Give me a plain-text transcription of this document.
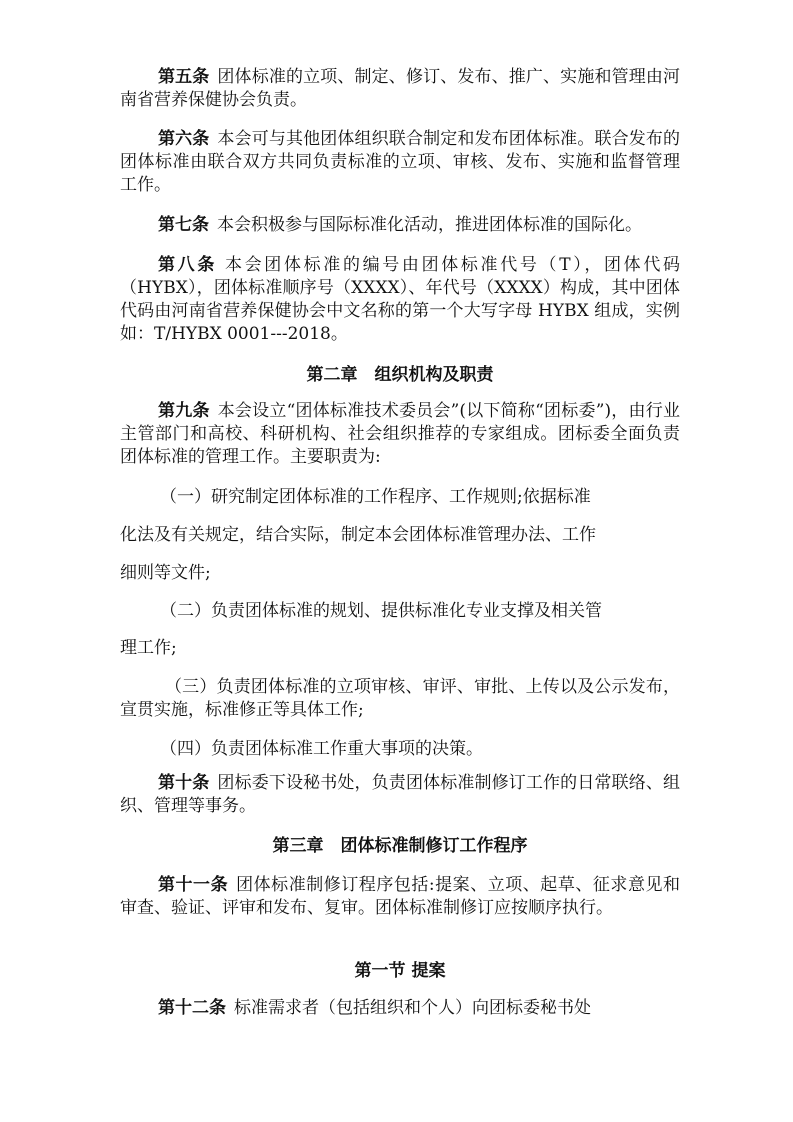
第五条 团体标准的立项、制定、修订、发布、推广、实施和管理由河南省营养保健协会负责。

第六条 本会可与其他团体组织联合制定和发布团体标准。联合发布的团体标准由联合双方共同负责标准的立项、审核、发布、实施和监督管理工作。

第七条 本会积极参与国际标准化活动，推进团体标准的国际化。

第八条 本会团体标准的编号由团体标准代号（T），团体代码（HYBX），团体标准顺序号（XXXX）、年代号（XXXX）构成，其中团体代码由河南省营养保健协会中文名称的第一个大写字母 HYBX 组成，实例如：T/HYBX 0001---2018。

第二章　组织机构及职责

第九条 本会设立“团体标准技术委员会”(以下简称“团标委”)，由行业主管部门和高校、科研机构、社会组织推荐的专家组成。团标委全面负责团体标准的管理工作。主要职责为:

（一）研究制定团体标准的工作程序、工作规则;依据标准

化法及有关规定，结合实际，制定本会团体标准管理办法、工作

细则等文件;

（二）负责团体标准的规划、提供标准化专业支撑及相关管

理工作;

（三）负责团体标准的立项审核、审评、审批、上传以及公示发布，宣贯实施，标准修正等具体工作;

（四）负责团体标准工作重大事项的决策。

第十条 团标委下设秘书处，负责团体标准制修订工作的日常联络、组织、管理等事务。

第三章　团体标准制修订工作程序

第十一条 团体标准制修订程序包括:提案、立项、起草、征求意见和审查、验证、评审和发布、复审。团体标准制修订应按顺序执行。

第一节 提案

第十二条 标准需求者（包括组织和个人）向团标委秘书处
